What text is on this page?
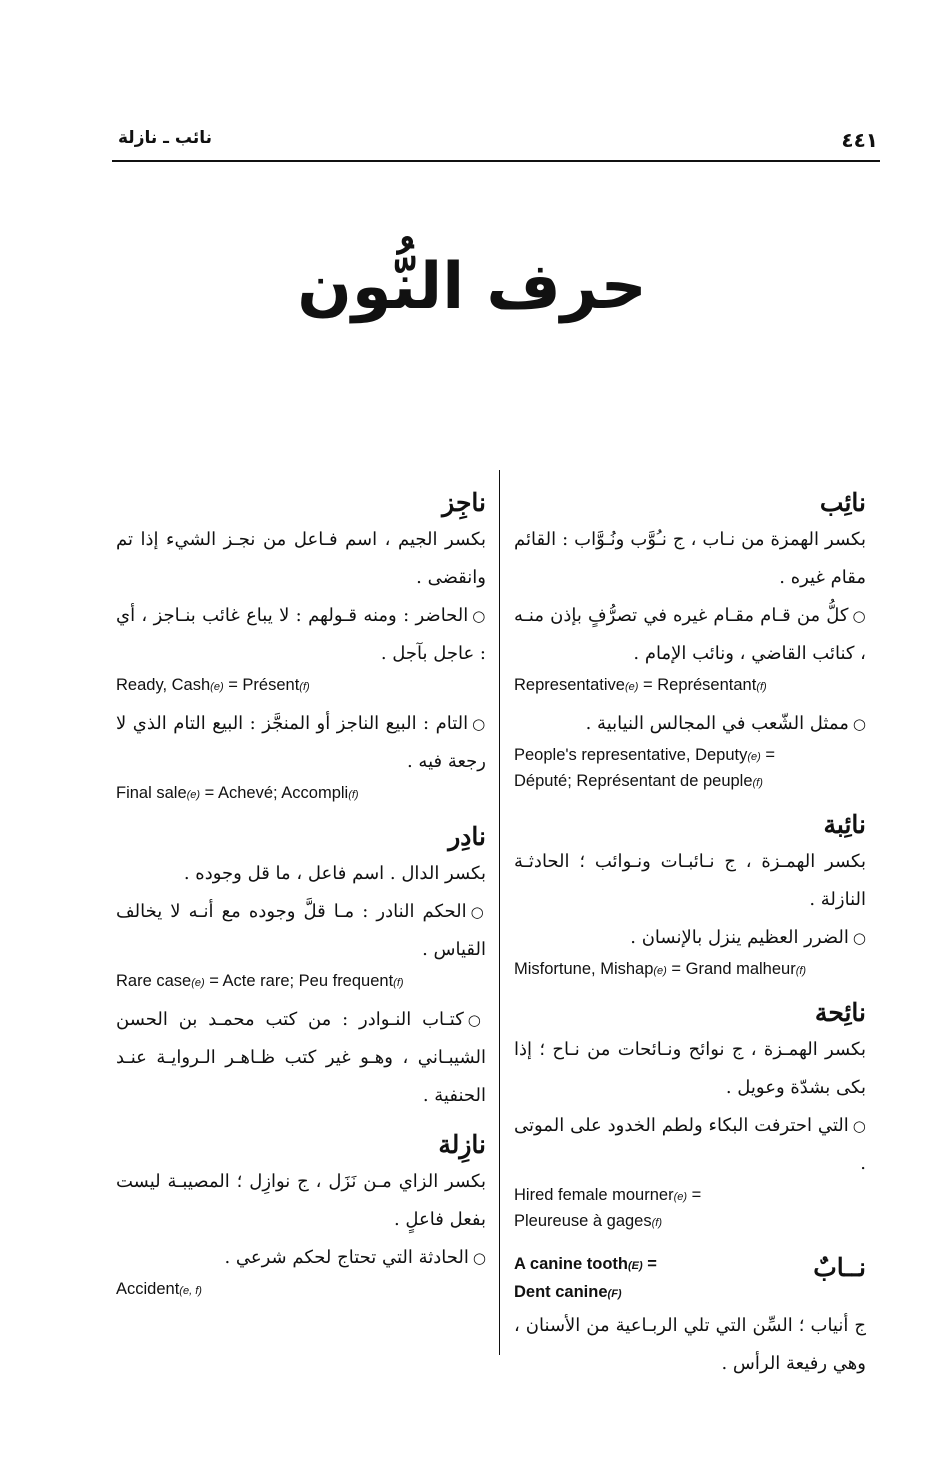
نائب ـ نازلة	٤٤١
حرف النُّون
نائِب
بكسر الهمزة من نـاب ، ج نـُوَّب ونُـوَّاب : القائم مقام غيره .
○كلُّ من قـام مقـام غيره في تصرُّفٍ بإذن منـه ، كنائب القاضي ، ونائب الإمام .
Representative(e) = Représentant(f)
○ممثل الشّعب في المجالس النيابية .
People's representative, Deputy(e) =
Député; Représentant de peuple(f)
نائِبة
بكسر الهمـزة ، ج نـائبـات ونـوائب ؛ الحادثـة النازلة .
○الضرر العظيم ينزل بالإنسان .
Misfortune, Mishap(e) = Grand malheur(f)
نائِحة
بكسر الهمـزة ، ج نوائح ونـائحات من نـاح ؛ إذا بكى بشدّة وعويل .
○التي احترفت البكاء ولطم الخدود على الموتى .
Hired female mourner(e) =
Pleureuse à gages(f)
نــابٌ
A canine tooth(E) =
Dent canine(F)
ج أنياب ؛ السِّن التي تلي الربـاعية من الأسنان ، وهي رفيعة الرأس .
ناجِز
بكسر الجيم ، اسم فـاعل من نجـز الشيء إذا تم وانقضى .
○الحاضر : ومنه قـولهم : لا يباع غائب بنـاجز ، أي : عاجل بآجل .
Ready, Cash(e) = Présent(f)
○التام : البيع الناجز أو المنجَّز : البيع التام الذي لا رجعة فيه .
Final sale(e) = Achevé; Accompli(f)
نادِر
بكسر الدال . اسم فاعل ، ما قل وجوده .
○الحكم النادر : مـا قلَّ وجوده مع أنـه لا يخالف القياس .
Rare case(e) = Acte rare; Peu frequent(f)
○كتـاب النـوادر : من كتب محمـد بن الحسن الشيبـاني ، وهـو غير كتب ظـاهـر الـروايـة عنـد الحنفية .
نازِلة
بكسر الزاي مـن نَزَل ، ج نوازِل ؛ المصيبـة ليست بفعل فاعلٍ .
○الحادثة التي تحتاج لحكم شرعي .
Accident(e, f)
